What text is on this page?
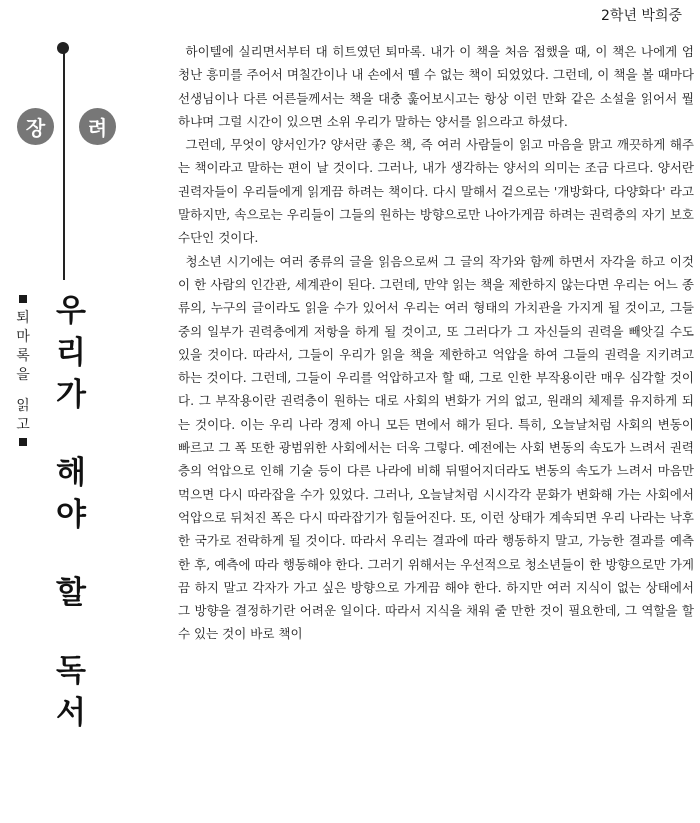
2학년 박희중
장	려
퇴
마
록
을
읽
고
우
리
가
해
야
할
독
서

하이텔에 실리면서부터 대 히트였던 퇴마록. 내가 이 책을 처음 접했을 때, 이 책은 나에게 엄청난 흥미를 주어서 며칠간이나 내 손에서 뗄 수 없는 책이 되었었다. 그런데, 이 책을 볼 때마다 선생님이나 다른 어른들께서는 책을 대충 훑어보시고는 항상 이런 만화 같은 소설을 읽어서 뭘 하냐며 그럴 시간이 있으면 소위 우리가 말하는 양서를 읽으라고 하셨다.

그런데, 무엇이 양서인가? 양서란 좋은 책, 즉 여러 사람들이 읽고 마음을 맑고 깨끗하게 해주는 책이라고 말하는 편이 날 것이다. 그러나, 내가 생각하는 양서의 의미는 조금 다르다. 양서란 권력자들이 우리들에게 읽게끔 하려는 책이다. 다시 말해서 겉으로는 '개방화다, 다양화다' 라고 말하지만, 속으로는 우리들이 그들의 원하는 방향으로만 나아가게끔 하려는 권력층의 자기 보호 수단인 것이다.

청소년 시기에는 여러 종류의 글을 읽음으로써 그 글의 작가와 함께 하면서 자각을 하고 이것이 한 사람의 인간관, 세계관이 된다. 그런데, 만약 읽는 책을 제한하지 않는다면 우리는 어느 종류의, 누구의 글이라도 읽을 수가 있어서 우리는 여러 형태의 가치관을 가지게 될 것이고, 그들 중의 일부가 권력층에게 저항을 하게 될 것이고, 또 그러다가 그 자신들의 권력을 빼앗길 수도 있을 것이다. 따라서, 그들이 우리가 읽을 책을 제한하고 억압을 하여 그들의 권력을 지키려고 하는 것이다. 그런데, 그들이 우리를 억압하고자 할 때, 그로 인한 부작용이란 매우 심각할 것이다. 그 부작용이란 권력층이 원하는 대로 사회의 변화가 거의 없고, 원래의 체제를 유지하게 되는 것이다. 이는 우리 나라 경제 아니 모든 면에서 해가 된다. 특히, 오늘날처럼 사회의 변동이 빠르고 그 폭 또한 광범위한 사회에서는 더욱 그렇다. 예전에는 사회 변동의 속도가 느려서 권력층의 억압으로 인해 기술 등이 다른 나라에 비해 뒤떨어지더라도 변동의 속도가 느려서 마음만 먹으면 다시 따라잡을 수가 있었다. 그러나, 오늘날처럼 시시각각 문화가 변화해 가는 사회에서 억압으로 뒤처진 폭은 다시 따라잡기가 힘들어진다. 또, 이런 상태가 계속되면 우리 나라는 낙후한 국가로 전락하게 될 것이다. 따라서 우리는 결과에 따라 행동하지 말고, 가능한 결과를 예측한 후, 예측에 따라 행동해야 한다. 그러기 위해서는 우선적으로 청소년들이 한 방향으로만 가게끔 하지 말고 각자가 가고 싶은 방향으로 가게끔 해야 한다. 하지만 여러 지식이 없는 상태에서 그 방향을 결정하기란 어려운 일이다. 따라서 지식을 채워 줄 만한 것이 필요한데, 그 역할을 할 수 있는 것이 바로 책이
